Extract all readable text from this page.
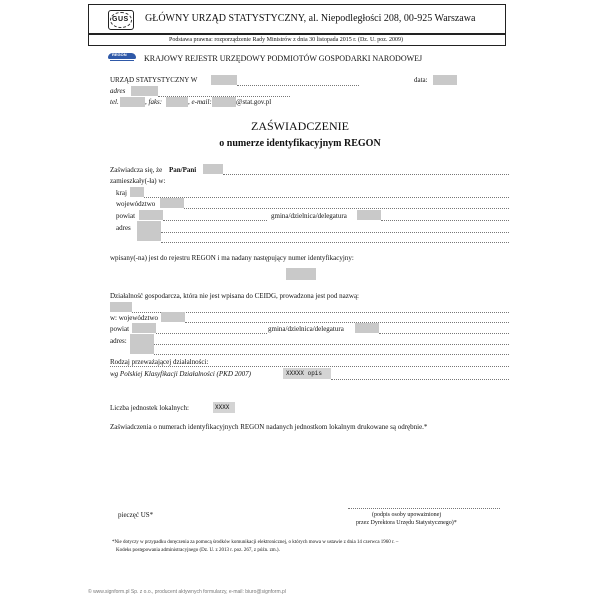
GUS GŁÓWNY URZĄD STATYSTYCZNY, al. Niepodległości 208, 00-925 Warszawa
Podstawa prawna: rozporządzenie Rady Ministrów z dnia 30 listopada 2015 r. (Dz. U. poz. 2009)
REGON KRAJOWY REJESTR URZĘDOWY PODMIOTÓW GOSPODARKI NARODOWEJ
URZĄD STATYSTYCZNY W	data:
adres
tel.	, faks:	, e-mail:	@stat.gov.pl
ZAŚWIADCZENIE
o numerze identyfikacyjnym REGON
Zaświadcza się, że Pan/Pani
zamieszkały(-ła) w:
kraj
województwo
powiat	gmina/dzielnica/delegatura
adres
wpisany(-na) jest do rejestru REGON i ma nadany następujący numer identyfikacyjny:
Działalność gospodarcza, która nie jest wpisana do CEIDG, prowadzona jest pod nazwą:
w: województwo
powiat	gmina/dzielnica/delegatura
adres:
Rodzaj przeważającej działalności:
wg Polskiej Klasyfikacji Działalności (PKD 2007)	XXXXX opis
Liczba jednostek lokalnych:	XXXX
Zaświadczenia o numerach identyfikacyjnych REGON nadanych jednostkom lokalnym drukowane są odrębnie.*
pieczęć US*	(podpis osoby upoważnionej
przez Dyrektora Urzędu Statystycznego)*
*Nie dotyczy w przypadku doręczenia za pomocą środków komunikacji elektronicznej, o których mowa w ustawie z dnia 14 czerwca 1960 r. –
Kodeks postępowania administracyjnego (Dz. U. z 2013 r. poz. 267, z późn. zm.).
© www.signform.pl Sp. z o.o., producent aktywnych formularzy, e-mail: biuro@signform.pl
